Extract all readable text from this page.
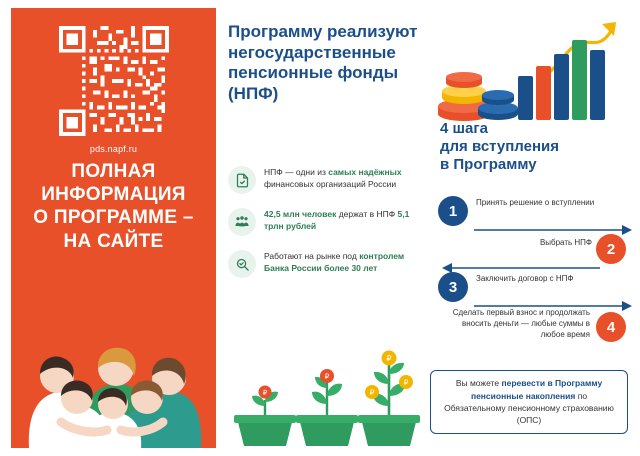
pds.napf.ru
ПОЛНАЯ
ИНФОРМАЦИЯ
О ПРОГРАММЕ –
НА САЙТЕ
Программу реализуют негосударственные пенсионные фонды (НПФ)
НПФ — одни из самых надёжных финансовых организаций России
42,5 млн человек держат в НПФ 5,1 трлн рублей
Работают на рынке под контролем Банка России более 30 лет
4 шага
для вступления
в Программу
1	Принять решение о вступлении
2
Выбрать НПФ
3	Заключить договор с НПФ
4
Сделать первый взнос и продолжать вносить деньги — любые суммы в любое время
Вы можете перевести в Программу пенсионные накопления по Обязательному пенсионному страхованию (ОПС)
₽
₽
₽
₽
₽
